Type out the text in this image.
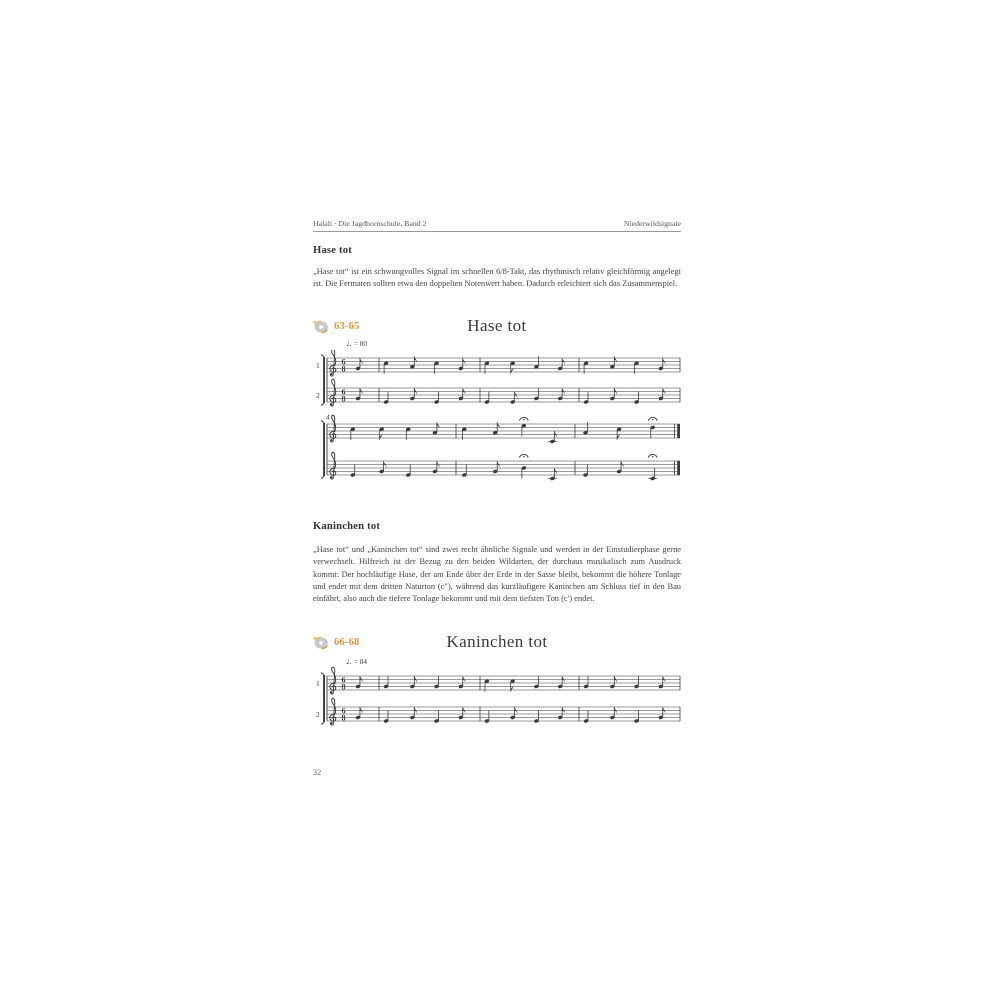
Halali · Die Jagdhornschule, Band 2	Niederwildsignale
Hase tot
„Hase tot“ ist ein schwungvolles Signal im schnellen 6/8-Takt, das rhythmisch relativ gleichförmig angelegt ist. Die Fermaten sollten etwa den doppelten Notenwert haben. Dadurch erleichtert sich das Zusammenspiel.
63-65	Hase tot
♩. = 80
1	6
8
2	6
8
4
Kaninchen tot
„Hase tot“ und „Kaninchen tot“ sind zwei recht ähnliche Signale und werden in der Einstudierphase gerne verwechselt. Hilfreich ist der Bezug zu den beiden Wildarten, der durchaus musikalisch zum Ausdruck kommt: Der hochläufige Hase, der am Ende über der Erde in der Sasse bleibt, bekommt die höhere Tonlage und endet mit dem dritten Naturton (c″), während das kurzläufigere Kaninchen am Schluss tief in den Bau einfährt, also auch die tiefere Tonlage bekommt und mit dem tiefsten Ton (c′) endet.
66-68	Kaninchen tot
♩. = 84
1	6
8
2	6
8
32
